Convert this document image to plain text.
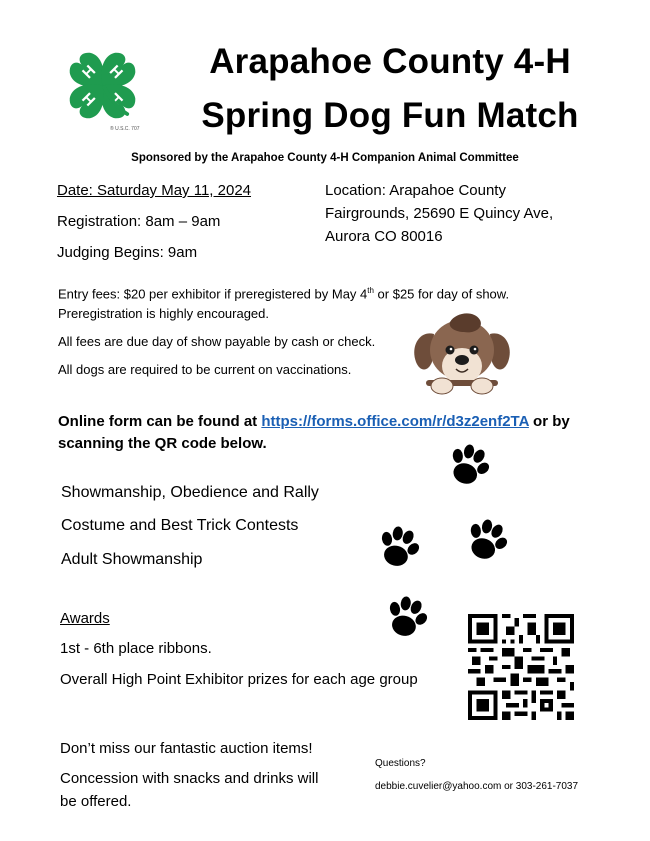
® U.S.C. 707
Arapahoe County 4-H
Spring Dog Fun Match
Sponsored by the Arapahoe County 4-H Companion Animal Committee
Date: Saturday May 11, 2024
Registration: 8am – 9am
Judging Begins: 9am
Location: Arapahoe County
Fairgrounds, 25690 E Quincy Ave,
Aurora CO 80016
Entry fees: $20 per exhibitor if preregistered by May 4th or $25 for day of show.
Preregistration is highly encouraged.
All fees are due day of show payable by cash or check.
All dogs are required to be current on vaccinations.
Online form can be found at https://forms.office.com/r/d3z2enf2TA or by
scanning the QR code below.
Showmanship, Obedience and Rally
Costume and Best Trick Contests
Adult Showmanship
Awards
1st - 6th place ribbons.
Overall High Point Exhibitor prizes for each age group
Don’t miss our fantastic auction items!
Concession with snacks and drinks will
be offered.
Questions?
debbie.cuvelier@yahoo.com or 303-261-7037
